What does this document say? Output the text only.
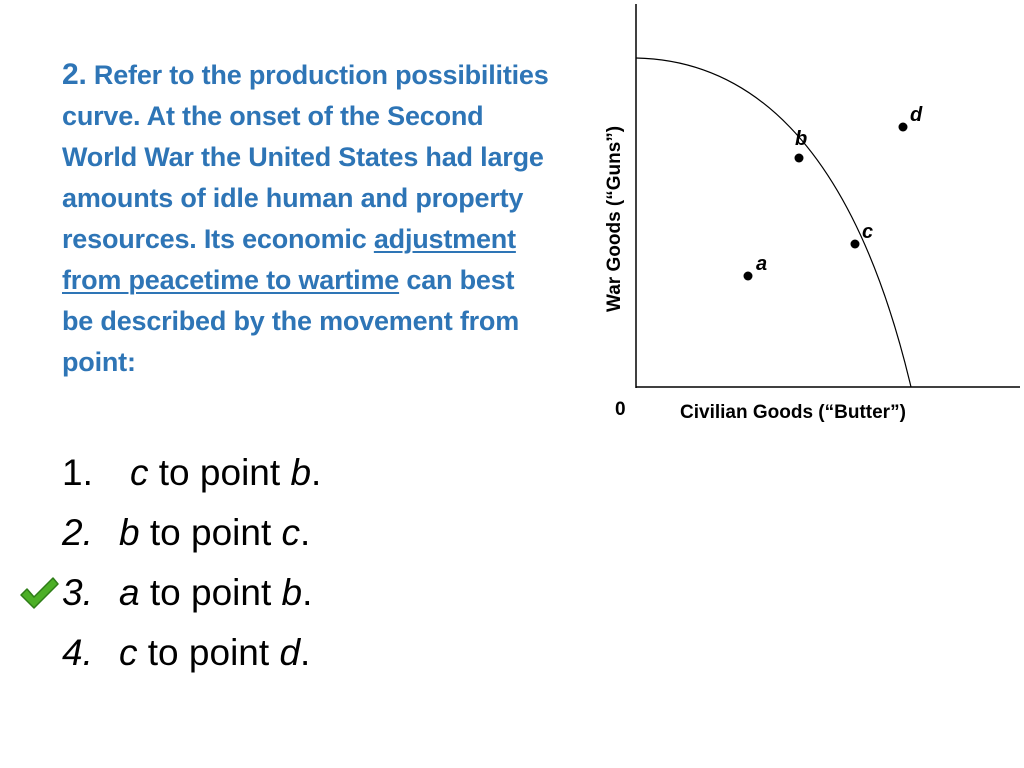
2. Refer to the production possibilities curve. At the onset of the Second World War the United States had large amounts of idle human and property resources. Its economic adjustment from peacetime to wartime can best be described by the movement from point:
1. c to point b.
2. b to point c.
3. a to point b.
4. c to point d.
a
b
c
d
0	Civilian Goods (“Butter”)
War Goods (“Guns”)
